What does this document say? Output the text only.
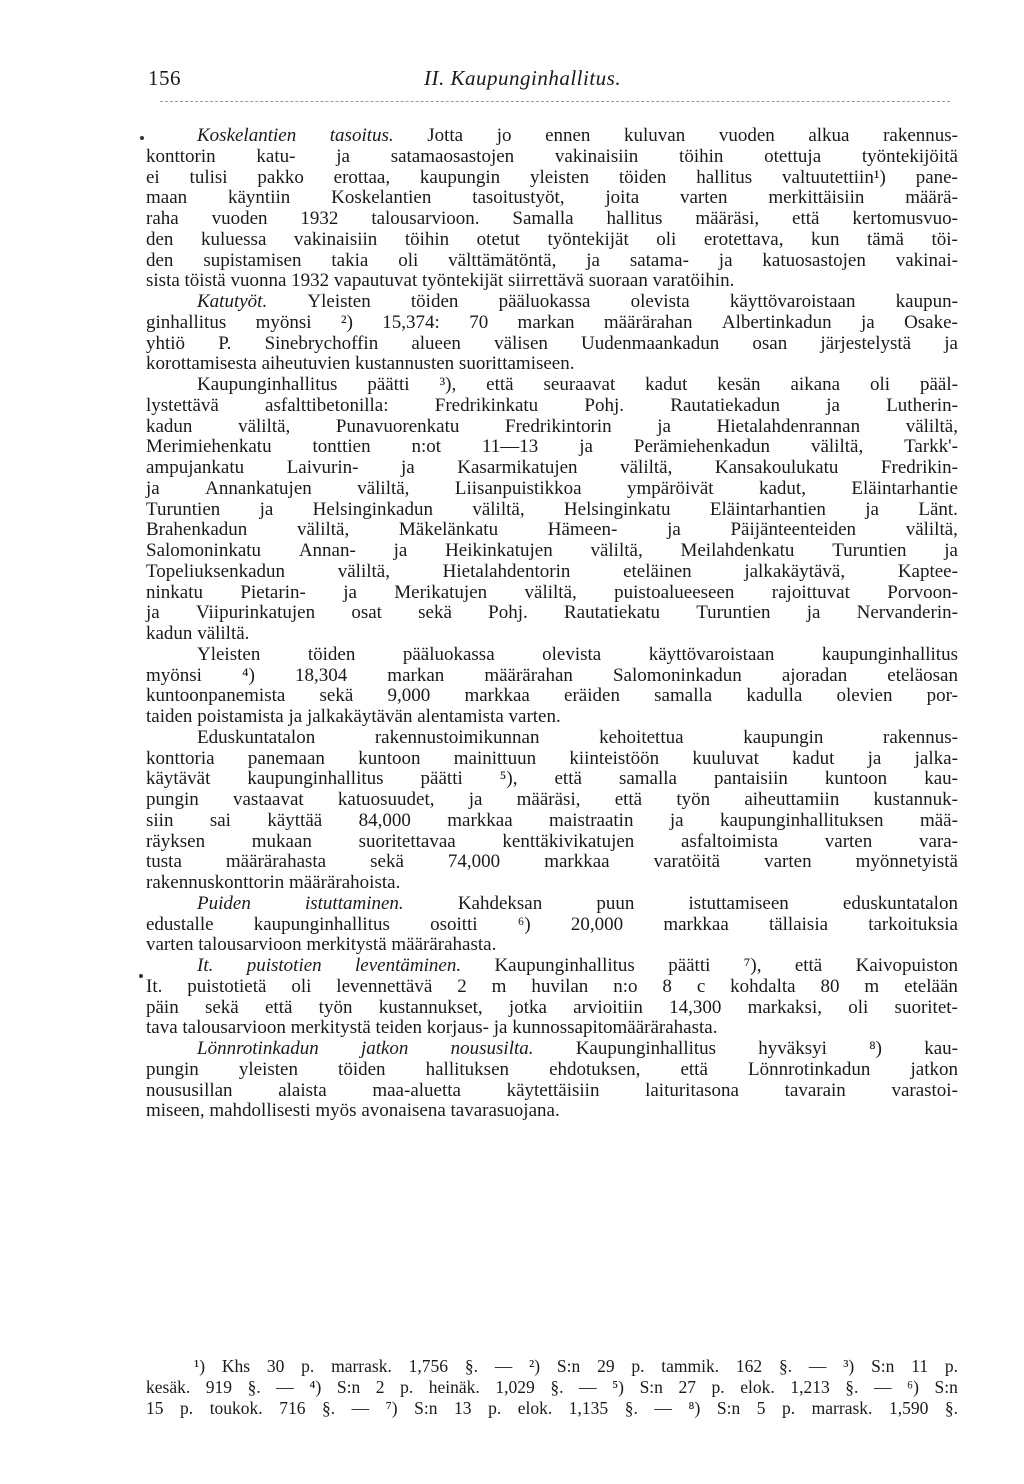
156	II. Kaupunginhallitus.
Koskelantien tasoitus. Jotta jo ennen kuluvan vuoden alkua rakennus-
konttorin katu- ja satamaosastojen vakinaisiin töihin otettuja työntekijöitä
ei tulisi pakko erottaa, kaupungin yleisten töiden hallitus valtuutettiin¹) pane-
maan käyntiin Koskelantien tasoitustyöt, joita varten merkittäisiin määrä-
raha vuoden 1932 talousarvioon. Samalla hallitus määräsi, että kertomusvuo-
den kuluessa vakinaisiin töihin otetut työntekijät oli erotettava, kun tämä töi-
den supistamisen takia oli välttämätöntä, ja satama- ja katuosastojen vakinai-
sista töistä vuonna 1932 vapautuvat työntekijät siirrettävä suoraan varatöihin.
Katutyöt. Yleisten töiden pääluokassa olevista käyttövaroistaan kaupun-
ginhallitus myönsi ²) 15,374: 70 markan määrärahan Albertinkadun ja Osake-
yhtiö P. Sinebrychoffin alueen välisen Uudenmaankadun osan järjestelystä ja
korottamisesta aiheutuvien kustannusten suorittamiseen.
Kaupunginhallitus päätti ³), että seuraavat kadut kesän aikana oli pääl-
lystettävä asfalttibetonilla: Fredrikinkatu Pohj. Rautatiekadun ja Lutherin-
kadun väliltä, Punavuorenkatu Fredrikintorin ja Hietalahdenrannan väliltä,
Merimiehenkatu tonttien n:ot 11—13 ja Perämiehenkadun väliltä, Tarkk'-
ampujankatu Laivurin- ja Kasarmikatujen väliltä, Kansakoulukatu Fredrikin-
ja Annankatujen väliltä, Liisanpuistikkoa ympäröivät kadut, Eläintarhantie
Turuntien ja Helsinginkadun väliltä, Helsinginkatu Eläintarhantien ja Länt.
Brahenkadun	väliltä,	Mäkelänkatu	Hämeen-	ja	Päijänteenteiden	väliltä,
Salomoninkatu Annan- ja Heikinkatujen väliltä, Meilahdenkatu Turuntien ja
Topeliuksenkadun	väliltä,	Hietalahdentorin	eteläinen	jalkakäytävä,	Kaptee-
ninkatu Pietarin- ja Merikatujen väliltä, puistoalueeseen rajoittuvat Porvoon-
ja Viipurinkatujen osat sekä Pohj. Rautatiekatu Turuntien ja Nervanderin-
kadun väliltä.
Yleisten	töiden	pääluokassa	olevista	käyttövaroistaan	kaupunginhallitus
myönsi ⁴) 18,304 markan määrärahan Salomoninkadun ajoradan eteläosan
kuntoonpanemista sekä 9,000 markkaa eräiden samalla kadulla olevien por-
taiden poistamista ja jalkakäytävän alentamista varten.
Eduskuntatalon	rakennustoimikunnan	kehoitettua	kaupungin	rakennus-
konttoria panemaan kuntoon mainittuun kiinteistöön kuuluvat kadut ja jalka-
käytävät kaupunginhallitus päätti ⁵), että samalla pantaisiin kuntoon kau-
pungin vastaavat katuosuudet, ja määräsi, että työn aiheuttamiin kustannuk-
siin sai käyttää 84,000 markkaa maistraatin ja kaupunginhallituksen mää-
räyksen mukaan suoritettavaa kenttäkivikatujen asfaltoimista varten vara-
tusta määrärahasta sekä 74,000 markkaa varatöitä varten myönnetyistä
rakennuskonttorin määrärahoista.
Puiden	istuttaminen.	Kahdeksan	puun	istuttamiseen	eduskuntatalon
edustalle kaupunginhallitus osoitti ⁶) 20,000 markkaa tällaisia tarkoituksia
varten talousarvioon merkitystä määrärahasta.
It. puistotien leventäminen. Kaupunginhallitus päätti ⁷), että Kaivopuiston
It. puistotietä oli levennettävä 2 m huvilan n:o 8 c kohdalta 80 m etelään
päin sekä että työn kustannukset, jotka arvioitiin 14,300 markaksi, oli suoritet-
tava talousarvioon merkitystä teiden korjaus- ja kunnossapitomäärärahasta.
Lönnrotinkadun jatkon noususilta. Kaupunginhallitus hyväksyi ⁸) kau-
pungin yleisten töiden hallituksen ehdotuksen, että Lönnrotinkadun jatkon
noususillan alaista maa-aluetta käytettäisiin laituritasona tavarain varastoi-
miseen, mahdollisesti myös avonaisena tavarasuojana.
¹) Khs 30 p. marrask. 1,756 §. — ²) S:n 29 p. tammik. 162 §. — ³) S:n 11 p.
kesäk. 919 §. — ⁴) S:n 2 p. heinäk. 1,029 §. — ⁵) S:n 27 p. elok. 1,213 §. — ⁶) S:n
15 p. toukok. 716 §. — ⁷) S:n 13 p. elok. 1,135 §. — ⁸) S:n 5 p. marrask. 1,590 §.
